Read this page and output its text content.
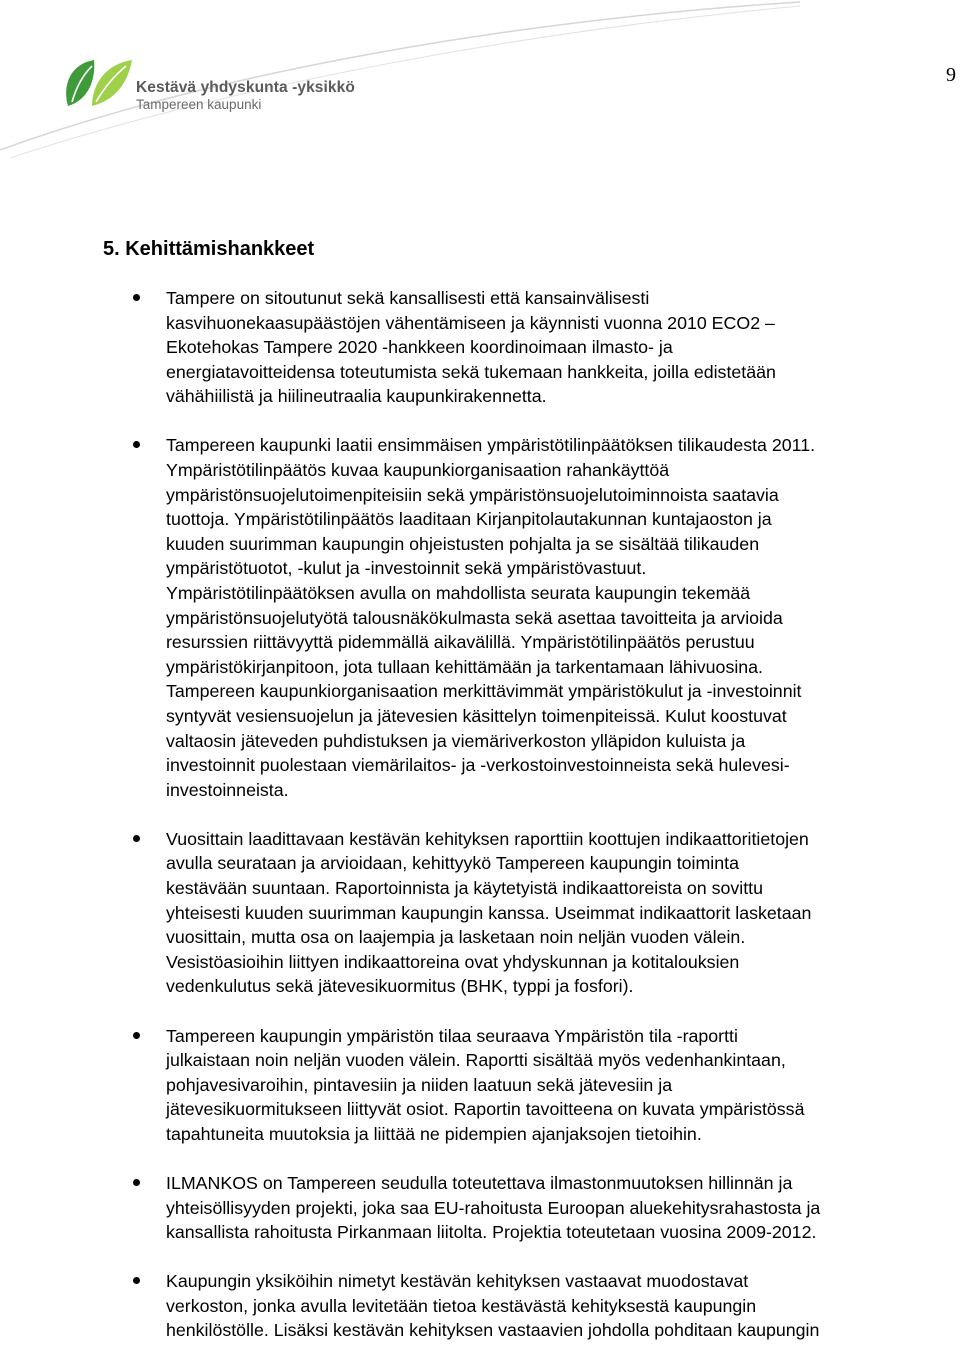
Kestävä yhdyskunta -yksikkö
Tampereen kaupunki
9
5. Kehittämishankkeet

Tampere on sitoutunut sekä kansallisesti että kansainvälisesti
kasvihuonekaasupäästöjen vähentämiseen ja käynnisti vuonna 2010 ECO2 –
Ekotehokas Tampere 2020 -hankkeen koordinoimaan ilmasto- ja
energiatavoitteidensa toteutumista sekä tukemaan hankkeita, joilla edistetään
vähähiilistä ja hiilineutraalia kaupunkirakennetta.

Tampereen kaupunki laatii ensimmäisen ympäristötilinpäätöksen tilikaudesta 2011.
Ympäristötilinpäätös kuvaa kaupunkiorganisaation rahankäyttöä
ympäristönsuojelutoimenpiteisiin sekä ympäristönsuojelutoiminnoista saatavia
tuottoja. Ympäristötilinpäätös laaditaan Kirjanpitolautakunnan kuntajaoston ja
kuuden suurimman kaupungin ohjeistusten pohjalta ja se sisältää tilikauden
ympäristötuotot, -kulut ja -investoinnit sekä ympäristövastuut.
Ympäristötilinpäätöksen avulla on mahdollista seurata kaupungin tekemää
ympäristönsuojelutyötä talousnäkökulmasta sekä asettaa tavoitteita ja arvioida
resurssien riittävyyttä pidemmällä aikavälillä. Ympäristötilinpäätös perustuu
ympäristökirjanpitoon, jota tullaan kehittämään ja tarkentamaan lähivuosina.
Tampereen kaupunkiorganisaation merkittävimmät ympäristökulut ja -investoinnit
syntyvät vesiensuojelun ja jätevesien käsittelyn toimenpiteissä. Kulut koostuvat
valtaosin jäteveden puhdistuksen ja viemäriverkoston ylläpidon kuluista ja
investoinnit puolestaan viemärilaitos- ja -verkostoinvestoinneista sekä hulevesi-
investoinneista.

Vuosittain laadittavaan kestävän kehityksen raporttiin koottujen indikaattoritietojen
avulla seurataan ja arvioidaan, kehittyykö Tampereen kaupungin toiminta
kestävään suuntaan. Raportoinnista ja käytetyistä indikaattoreista on sovittu
yhteisesti kuuden suurimman kaupungin kanssa. Useimmat indikaattorit lasketaan
vuosittain, mutta osa on laajempia ja lasketaan noin neljän vuoden välein.
Vesistöasioihin liittyen indikaattoreina ovat yhdyskunnan ja kotitalouksien
vedenkulutus sekä jätevesikuormitus (BHK, typpi ja fosfori).

Tampereen kaupungin ympäristön tilaa seuraava Ympäristön tila -raportti
julkaistaan noin neljän vuoden välein. Raportti sisältää myös vedenhankintaan,
pohjavesivaroihin, pintavesiin ja niiden laatuun sekä jätevesiin ja
jätevesikuormitukseen liittyvät osiot. Raportin tavoitteena on kuvata ympäristössä
tapahtuneita muutoksia ja liittää ne pidempien ajanjaksojen tietoihin.

ILMANKOS on Tampereen seudulla toteutettava ilmastonmuutoksen hillinnän ja
yhteisöllisyyden projekti, joka saa EU-rahoitusta Euroopan aluekehitysrahastosta ja
kansallista rahoitusta Pirkanmaan liitolta. Projektia toteutetaan vuosina 2009-2012.

Kaupungin yksiköihin nimetyt kestävän kehityksen vastaavat muodostavat
verkoston, jonka avulla levitetään tietoa kestävästä kehityksestä kaupungin
henkilöstölle. Lisäksi kestävän kehityksen vastaavien johdolla pohditaan kaupungin
